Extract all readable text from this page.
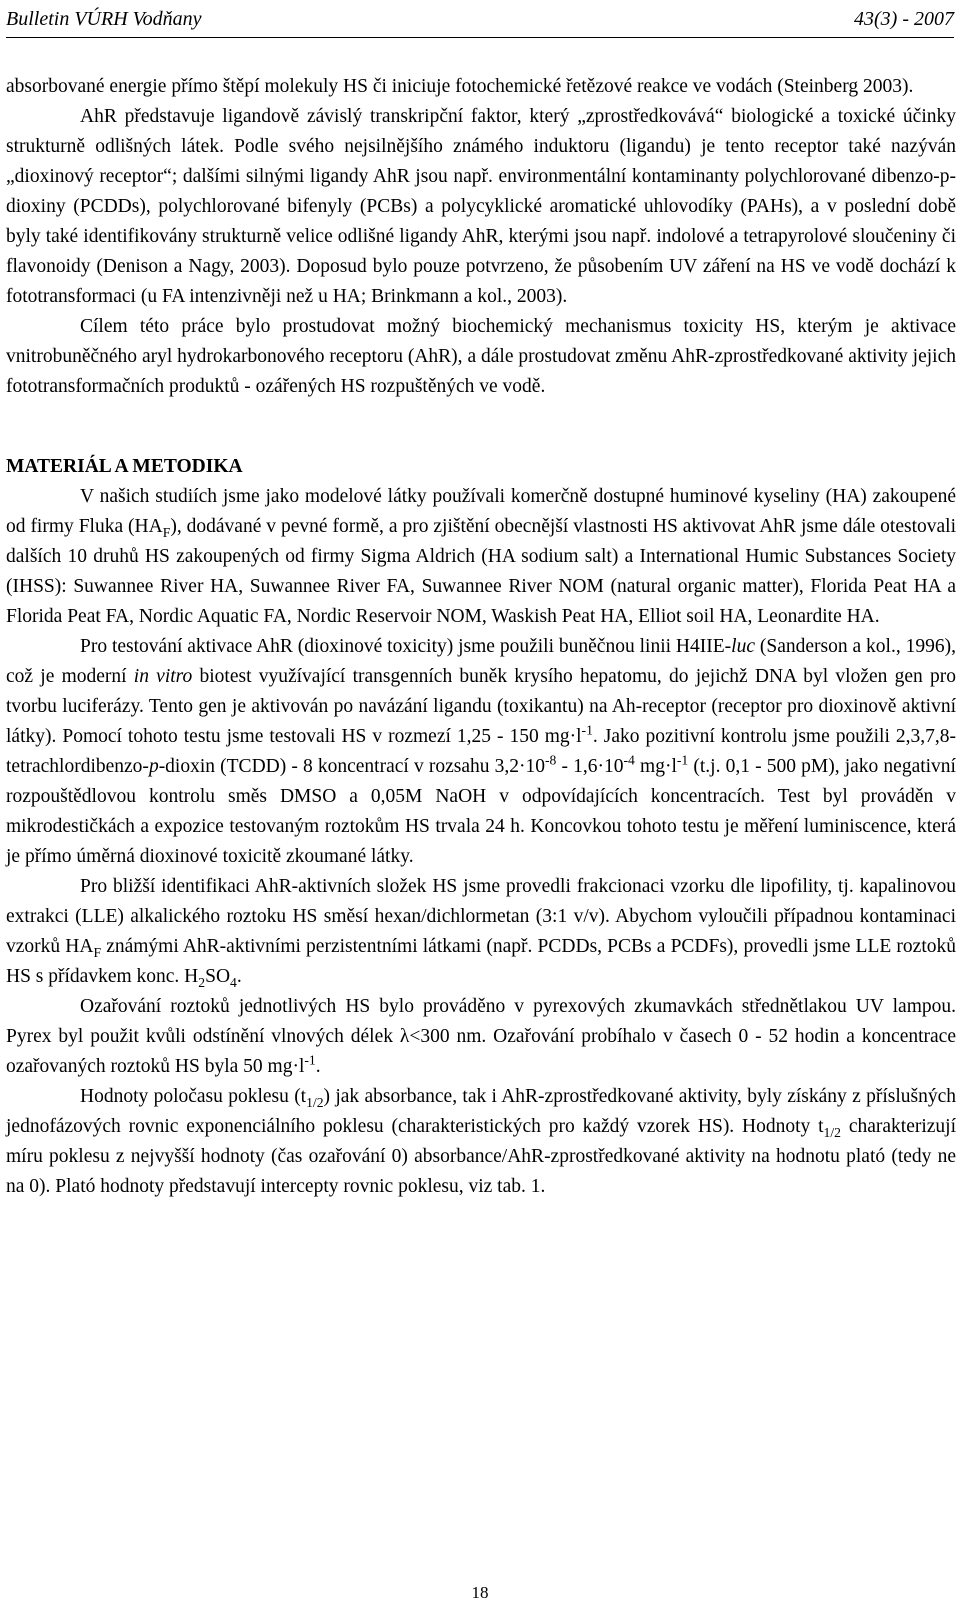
Bulletin VÚRH Vodňany	43(3) - 2007

absorbované energie přímo štěpí molekuly HS či iniciuje fotochemické řetězové reakce ve vodách (Steinberg 2003).

AhR představuje ligandově závislý transkripční faktor, který „zprostředkovává“ biologické a toxické účinky strukturně odlišných látek. Podle svého nejsilnějšího známého induktoru (ligandu) je tento receptor také nazýván „dioxinový receptor“; dalšími silnými ligandy AhR jsou např. environmentální kontaminanty polychlorované dibenzo-p-dioxiny (PCDDs), polychlorované bifenyly (PCBs) a polycyklické aromatické uhlovodíky (PAHs), a v poslední době byly také identifikovány strukturně velice odlišné ligandy AhR, kterými jsou např. indolové a tetrapyrolové sloučeniny či flavonoidy (Denison a Nagy, 2003). Doposud bylo pouze potvrzeno, že působením UV záření na HS ve vodě dochází k fototransformaci (u FA intenzivněji než u HA; Brinkmann a kol., 2003).

Cílem této práce bylo prostudovat možný biochemický mechanismus toxicity HS, kterým je aktivace vnitrobuněčného aryl hydrokarbonového receptoru (AhR), a dále prostudovat změnu AhR-zprostředkované aktivity jejich fototransformačních produktů - ozářených HS rozpuštěných ve vodě.

MATERIÁL A METODIKA

V našich studiích jsme jako modelové látky používali komerčně dostupné huminové kyseliny (HA) zakoupené od firmy Fluka $(HA_F)$, dodávané v pevné formě, a pro zjištění obecnější vlastnosti HS aktivovat AhR jsme dále otestovali dalších 10 druhů HS zakoupených od firmy Sigma Aldrich (HA sodium salt) a International Humic Substances Society (IHSS): Suwannee River HA, Suwannee River FA, Suwannee River NOM (natural organic matter), Florida Peat HA a Florida Peat FA, Nordic Aquatic FA, Nordic Reservoir NOM, Waskish Peat HA, Elliot soil HA, Leonardite HA.

Pro testování aktivace AhR (dioxinové toxicity) jsme použili buněčnou linii H4IIE-luc (Sanderson a kol., 1996), což je moderní in vitro biotest využívající transgenních buněk krysího hepatomu, do jejichž DNA byl vložen gen pro tvorbu luciferázy. Tento gen je aktivován po navázání ligandu (toxikantu) na Ah-receptor (receptor pro dioxinově aktivní látky). Pomocí tohoto testu jsme testovali HS v rozmezí 1,25 - 150 $mg\cdot l^{-1}$. Jako pozitivní kontrolu jsme použili 2,3,7,8-tetrachlordibenzo-p-dioxin (TCDD) - 8 koncentrací v rozsahu $3,2\cdot 10^{-8} - 1,6\cdot 10^{-4}$ $mg\cdot l^{-1}$ (t.j. 0,1 - 500 pM), jako negativní rozpouštědlovou kontrolu směs DMSO a 0,05M NaOH v odpovídajících koncentracích. Test byl prováděn v mikrodestičkách a expozice testovaným roztokům HS trvala 24 h. Koncovkou tohoto testu je měření luminiscence, která je přímo úměrná dioxinové toxicitě zkoumané látky.

Pro bližší identifikaci AhR-aktivních složek HS jsme provedli frakcionaci vzorku dle lipofility, tj. kapalinovou extrakci (LLE) alkalického roztoku HS směsí hexan/dichlormetan (3:1 v/v). Abychom vyloučili případnou kontaminaci vzorků $HA_F$ známými AhR-aktivními perzistentními látkami (např. PCDDs, PCBs a PCDFs), provedli jsme LLE roztoků HS s přídavkem konc. $H_2SO_4$.

Ozařování roztoků jednotlivých HS bylo prováděno v pyrexových zkumavkách střednětlakou UV lampou. Pyrex byl použit kvůli odstínění vlnových délek λ<300 nm. Ozařování probíhalo v časech 0 - 52 hodin a koncentrace ozařovaných roztoků HS byla 50 $mg\cdot l^{-1}$.

Hodnoty poločasu poklesu $(t_{1/2})$ jak absorbance, tak i AhR-zprostředkované aktivity, byly získány z příslušných jednofázových rovnic exponenciálního poklesu (charakteristických pro každý vzorek HS). Hodnoty $t_{1/2}$ charakterizují míru poklesu z nejvyšší hodnoty (čas ozařování 0) absorbance/AhR-zprostředkované aktivity na hodnotu plató (tedy ne na 0). Plató hodnoty představují intercepty rovnic poklesu, viz tab. 1.

18
